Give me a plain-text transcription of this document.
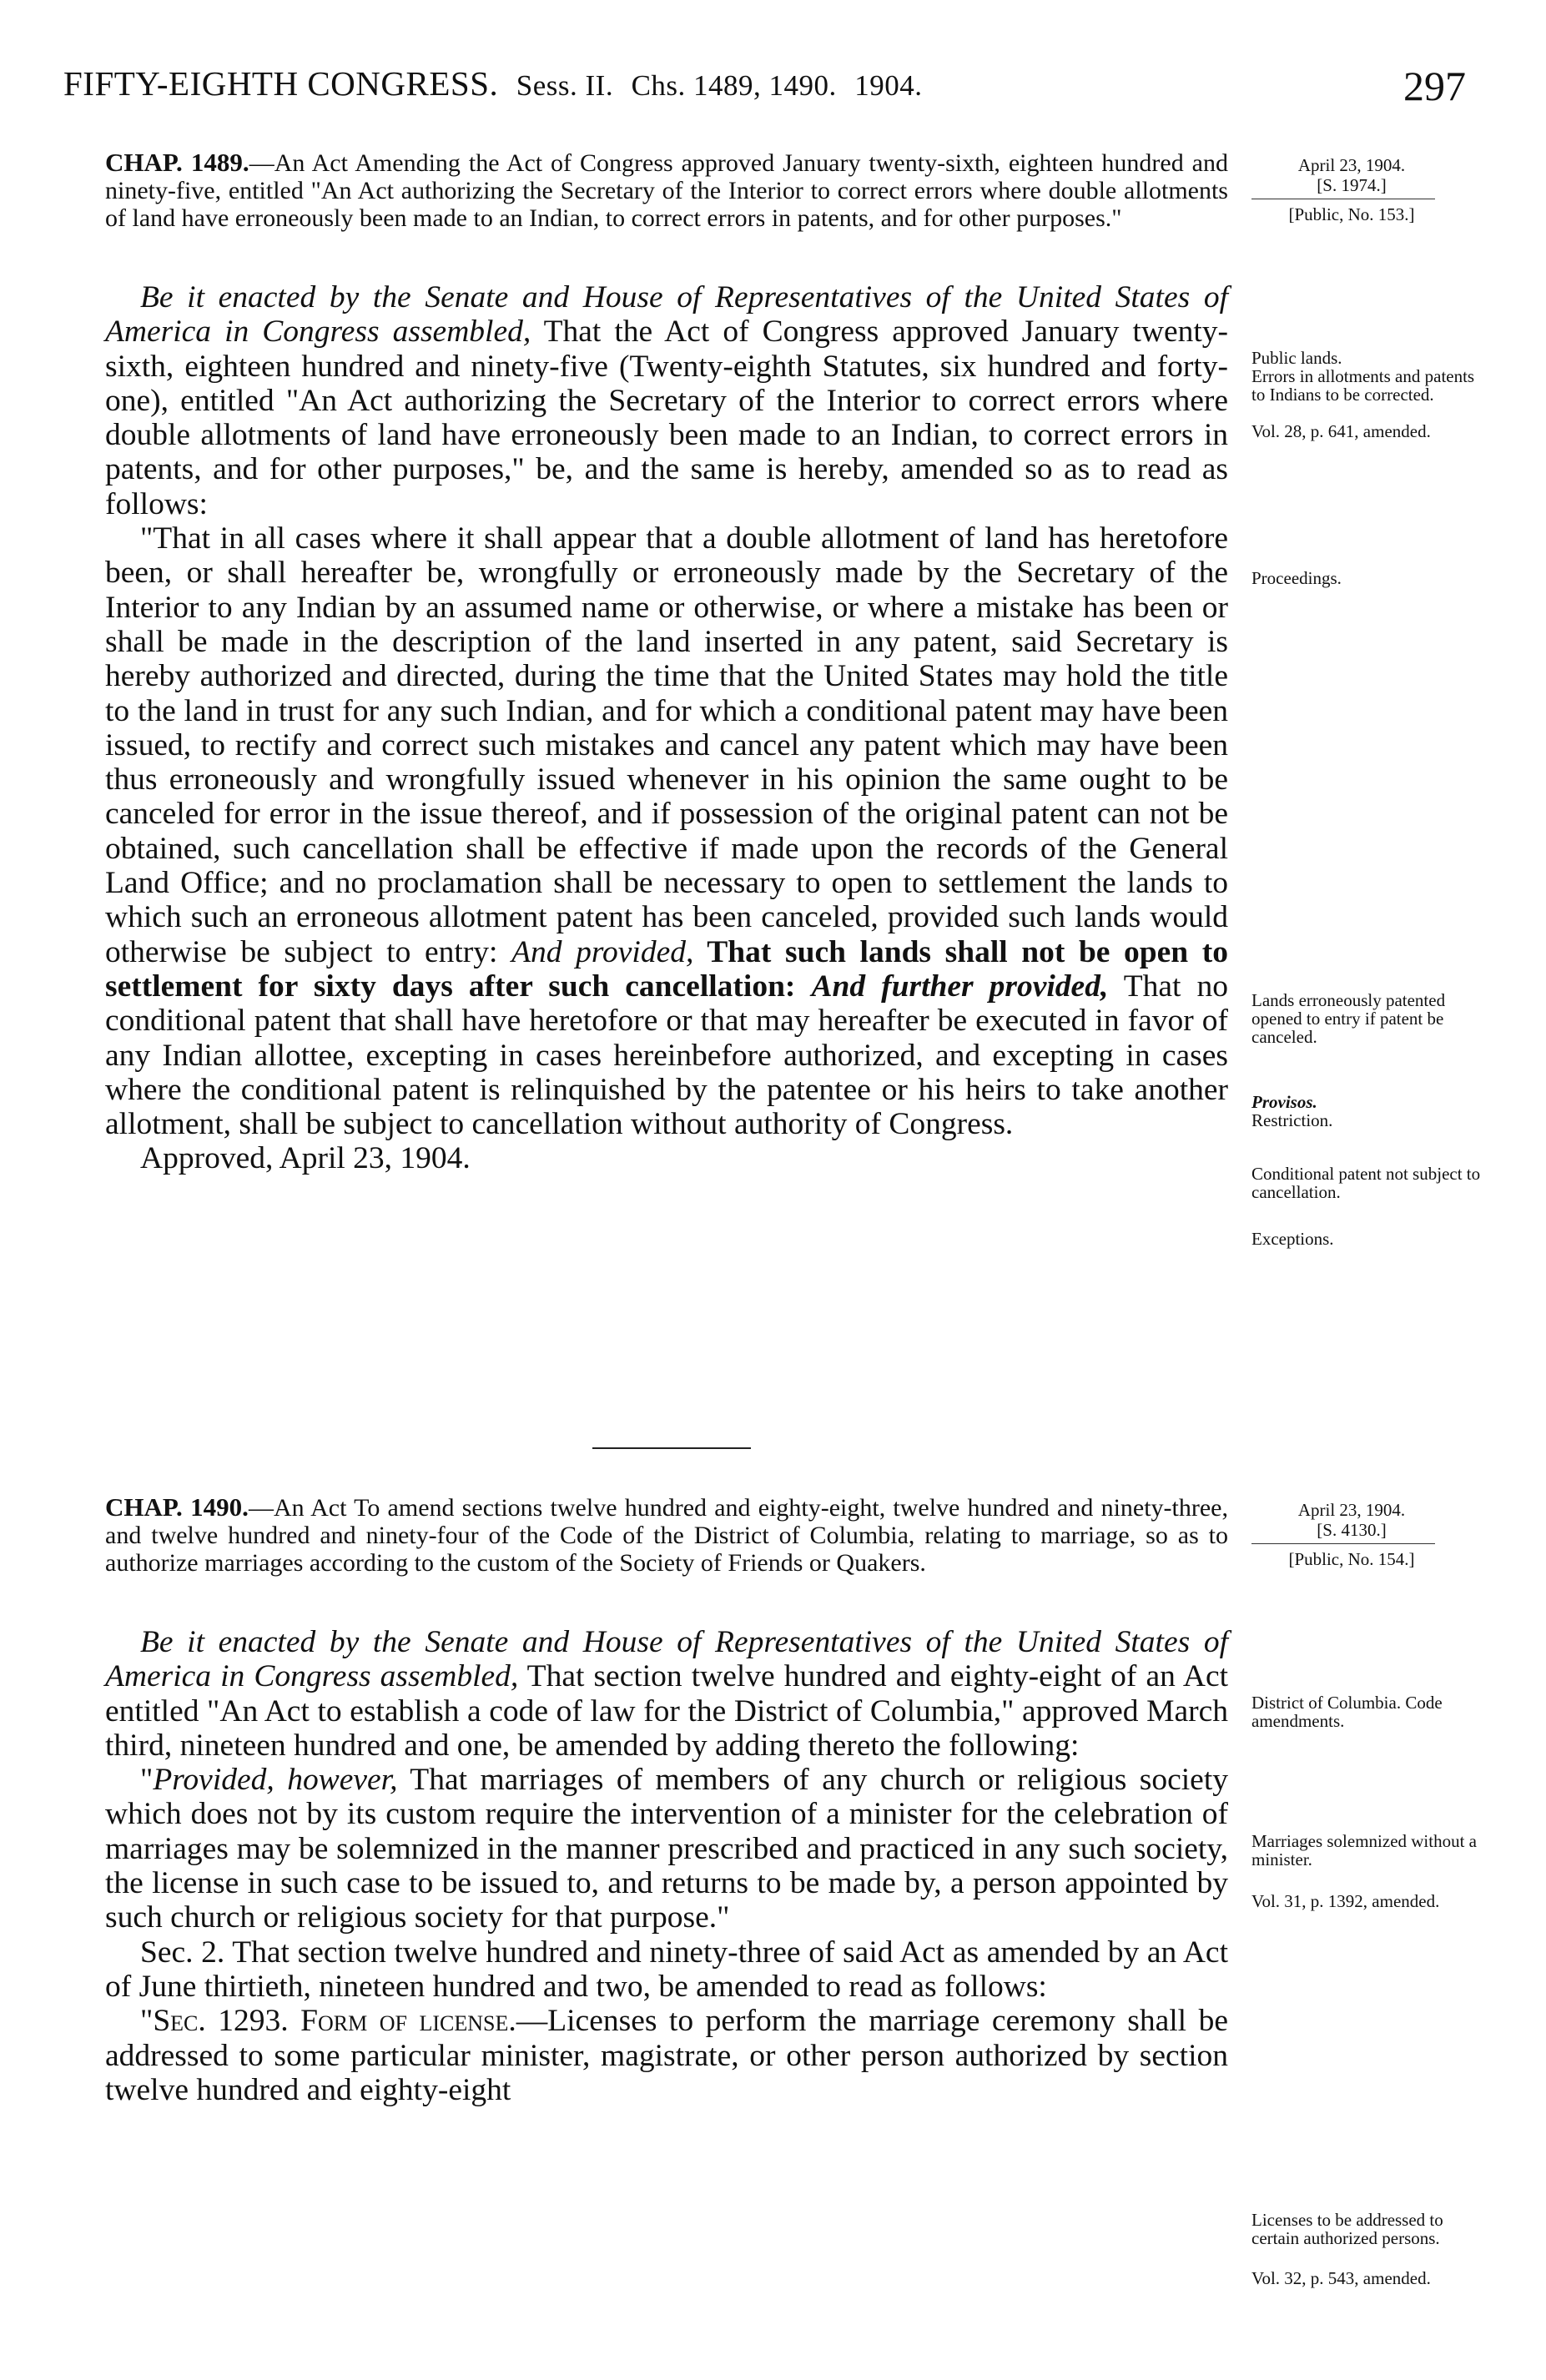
FIFTY-EIGHTH CONGRESS. Sess. II. Chs. 1489, 1490. 1904.	297
CHAP. 1489.—An Act Amending the Act of Congress approved January twenty-sixth, eighteen hundred and ninety-five, entitled "An Act authorizing the Secretary of the Interior to correct errors where double allotments of land have erroneously been made to an Indian, to correct errors in patents, and for other purposes."
April 23, 1904.
[S. 1974.]
[Public, No. 153.]

Be it enacted by the Senate and House of Representatives of the United States of America in Congress assembled, That the Act of Congress approved January twenty-sixth, eighteen hundred and ninety-five (Twenty-eighth Statutes, six hundred and forty-one), entitled "An Act authorizing the Secretary of the Interior to correct errors where double allotments of land have erroneously been made to an Indian, to correct errors in patents, and for other purposes," be, and the same is hereby, amended so as to read as follows:

"That in all cases where it shall appear that a double allotment of land has heretofore been, or shall hereafter be, wrongfully or erroneously made by the Secretary of the Interior to any Indian by an assumed name or otherwise, or where a mistake has been or shall be made in the description of the land inserted in any patent, said Secretary is hereby authorized and directed, during the time that the United States may hold the title to the land in trust for any such Indian, and for which a conditional patent may have been issued, to rectify and correct such mistakes and cancel any patent which may have been thus erroneously and wrongfully issued whenever in his opinion the same ought to be canceled for error in the issue thereof, and if possession of the original patent can not be obtained, such cancellation shall be effective if made upon the records of the General Land Office; and no proclamation shall be necessary to open to settlement the lands to which such an erroneous allotment patent has been canceled, provided such lands would otherwise be subject to entry: And provided, That such lands shall not be open to settlement for sixty days after such cancellation: And further provided, That no conditional patent that shall have heretofore or that may hereafter be executed in favor of any Indian allottee, excepting in cases hereinbefore authorized, and excepting in cases where the conditional patent is relinquished by the patentee or his heirs to take another allotment, shall be subject to cancellation without authority of Congress.

Approved, April 23, 1904.

Public lands.
Errors in allotments and patents to Indians to be corrected.
Vol. 28, p. 641, amended.
Proceedings.
Lands erroneously patented opened to entry if patent be canceled.
Provisos.
Restriction.
Conditional patent not subject to cancellation.
Exceptions.
CHAP. 1490.—An Act To amend sections twelve hundred and eighty-eight, twelve hundred and ninety-three, and twelve hundred and ninety-four of the Code of the District of Columbia, relating to marriage, so as to authorize marriages according to the custom of the Society of Friends or Quakers.
April 23, 1904.
[S. 4130.]
[Public, No. 154.]

Be it enacted by the Senate and House of Representatives of the United States of America in Congress assembled, That section twelve hundred and eighty-eight of an Act entitled "An Act to establish a code of law for the District of Columbia," approved March third, nineteen hundred and one, be amended by adding thereto the following:

"Provided, however, That marriages of members of any church or religious society which does not by its custom require the intervention of a minister for the celebration of marriages may be solemnized in the manner prescribed and practiced in any such society, the license in such case to be issued to, and returns to be made by, a person appointed by such church or religious society for that purpose."

Sec. 2. That section twelve hundred and ninety-three of said Act as amended by an Act of June thirtieth, nineteen hundred and two, be amended to read as follows:

"Sec. 1293. Form of license.—Licenses to perform the marriage ceremony shall be addressed to some particular minister, magistrate, or other person authorized by section twelve hundred and eighty-eight

District of Columbia. Code amendments.
Marriages solemnized without a minister.
Vol. 31, p. 1392, amended.
Licenses to be addressed to certain authorized persons.
Vol. 32, p. 543, amended.
